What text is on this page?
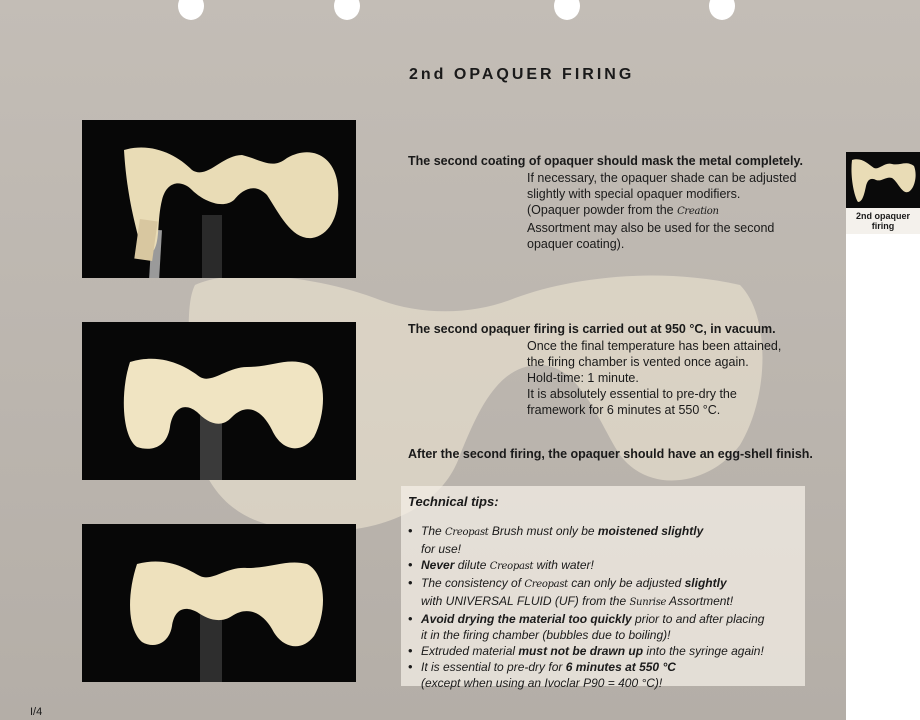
2nd OPAQUER FIRING
The second coating of opaquer should mask the metal completely.
If necessary, the opaquer shade can be adjusted
slightly with special opaquer modifiers.
(Opaquer powder from the Creation
Assortment may also be used for the second
opaquer coating).
The second opaquer firing is carried out at 950 °C, in vacuum.
Once the final temperature has been attained,
the firing chamber is vented once again.
Hold-time: 1 minute.
It is absolutely essential to pre-dry the
framework for 6 minutes at 550 °C.
After the second firing, the opaquer should have an egg-shell finish.
Technical tips:
• The Creopast Brush must only be moistened slightly
for use!
• Never dilute Creopast with water!
• The consistency of Creopast can only be adjusted slightly
with UNIVERSAL FLUID (UF) from the Sunrise Assortment!
• Avoid drying the material too quickly prior to and after placing
it in the firing chamber (bubbles due to boiling)!
• Extruded material must not be drawn up into the syringe again!
• It is essential to pre-dry for 6 minutes at 550 °C
(except when using an Ivoclar P90 = 400 °C)!
2nd opaquer
firing
I/4
